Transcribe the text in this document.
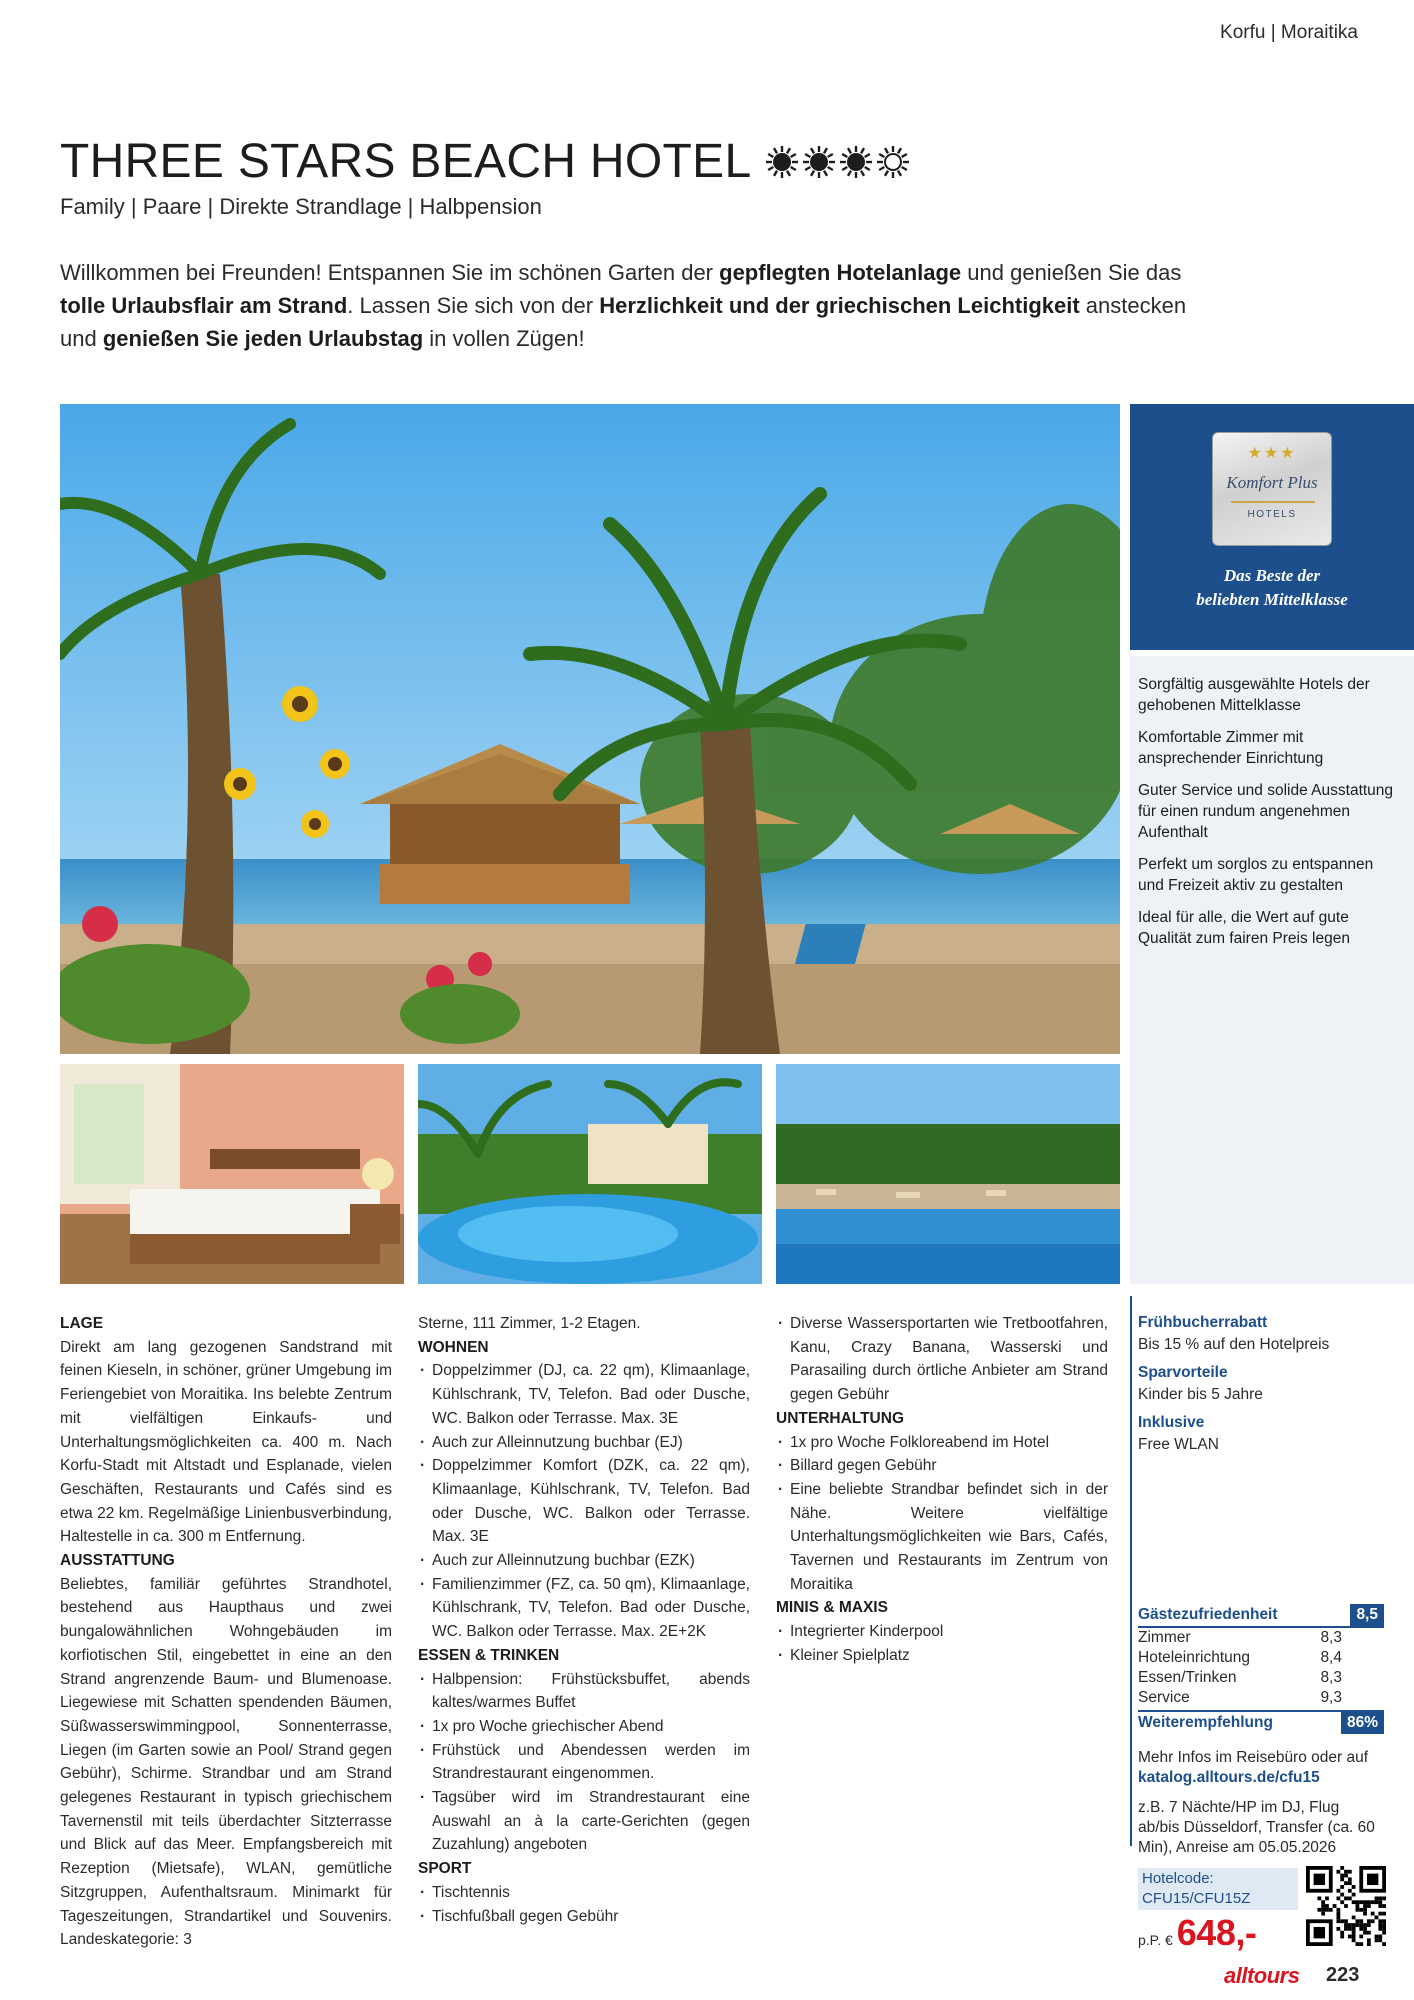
Korfu | Moraitika
THREE STARS BEACH HOTEL
Family | Paare | Direkte Strandlage | Halbpension
Willkommen bei Freunden! Entspannen Sie im schönen Garten der gepflegten Hotelanlage und genießen Sie das tolle Urlaubsflair am Strand. Lassen Sie sich von der Herzlichkeit und der griechischen Leichtigkeit anstecken und genießen Sie jeden Urlaubstag in vollen Zügen!
★★★
Komfort Plus
HOTELS
Das Beste der
beliebten Mittelklasse
Sorgfältig ausgewählte Hotels der gehobenen Mittelklasse
Komfortable Zimmer mit ansprechender Einrichtung
Guter Service und solide Ausstattung für einen rundum angenehmen Aufenthalt
Perfekt um sorglos zu entspannen und Freizeit aktiv zu gestalten
Ideal für alle, die Wert auf gute Qualität zum fairen Preis legen
LAGE

Direkt am lang gezogenen Sandstrand mit feinen Kieseln, in schöner, grüner Umgebung im Feriengebiet von Moraitika. Ins belebte Zentrum mit vielfältigen Einkaufs- und Unterhaltungsmöglichkeiten ca. 400 m. Nach Korfu-Stadt mit Altstadt und Esplanade, vielen Geschäften, Restaurants und Cafés sind es etwa 22 km. Regelmäßige Linienbusverbindung, Haltestelle in ca. 300 m Entfernung.

AUSSTATTUNG

Beliebtes, familiär geführtes Strandhotel, bestehend aus Haupthaus und zwei bungalowähnlichen Wohngebäuden im korfiotischen Stil, eingebettet in eine an den Strand angrenzende Baum- und Blumenoase. Liegewiese mit Schatten spendenden Bäumen, Süßwasserswimmingpool, Sonnenterrasse, Liegen (im Garten sowie an Pool/ Strand gegen Gebühr), Schirme. Strandbar und am Strand gelegenes Restaurant in typisch griechischem Tavernenstil mit teils überdachter Sitzterrasse und Blick auf das Meer. Empfangsbereich mit Rezeption (Mietsafe), WLAN, gemütliche Sitzgruppen, Aufenthaltsraum. Minimarkt für Tageszeitungen, Strandartikel und Souvenirs. Landeskategorie: 3

Sterne, 111 Zimmer, 1-2 Etagen.

WOHNEN
· Doppelzimmer (DJ, ca. 22 qm), Klimaanlage, Kühlschrank, TV, Telefon. Bad oder Dusche, WC. Balkon oder Terrasse. Max. 3E
· Auch zur Alleinnutzung buchbar (EJ)
· Doppelzimmer Komfort (DZK, ca. 22 qm), Klimaanlage, Kühlschrank, TV, Telefon. Bad oder Dusche, WC. Balkon oder Terrasse. Max. 3E
· Auch zur Alleinnutzung buchbar (EZK)
· Familienzimmer (FZ, ca. 50 qm), Klimaanlage, Kühlschrank, TV, Telefon. Bad oder Dusche, WC. Balkon oder Terrasse. Max. 2E+2K
ESSEN & TRINKEN
· Halbpension: Frühstücksbuffet, abends kaltes/warmes Buffet
· 1x pro Woche griechischer Abend
· Frühstück und Abendessen werden im Strandrestaurant eingenommen.
· Tagsüber wird im Strandrestaurant eine Auswahl an à la carte-Gerichten (gegen Zuzahlung) angeboten
SPORT
· Tischtennis
· Tischfußball gegen Gebühr
· Diverse Wassersportarten wie Tretbootfahren, Kanu, Crazy Banana, Wasserski und Parasailing durch örtliche Anbieter am Strand gegen Gebühr
UNTERHALTUNG
· 1x pro Woche Folkloreabend im Hotel
· Billard gegen Gebühr
· Eine beliebte Strandbar befindet sich in der Nähe. Weitere vielfältige Unterhaltungsmöglichkeiten wie Bars, Cafés, Tavernen und Restaurants im Zentrum von Moraitika
MINIS & MAXIS
· Integrierter Kinderpool
· Kleiner Spielplatz
Frühbucherrabatt
Bis 15 % auf den Hotelpreis
Sparvorteile
Kinder bis 5 Jahre
Inklusive
Free WLAN
Gästezufriedenheit	8,5
Zimmer	8,3
Hoteleinrichtung	8,4
Essen/Trinken	8,3
Service	9,3
Weiterempfehlung	86%
Mehr Infos im Reisebüro oder auf
katalog.alltours.de/cfu15
z.B. 7 Nächte/HP im DJ, Flug ab/bis Düsseldorf, Transfer (ca. 60 Min), Anreise am 05.05.2026
Hotelcode:
CFU15/CFU15Z
p.P. € 648,-
alltours 223
